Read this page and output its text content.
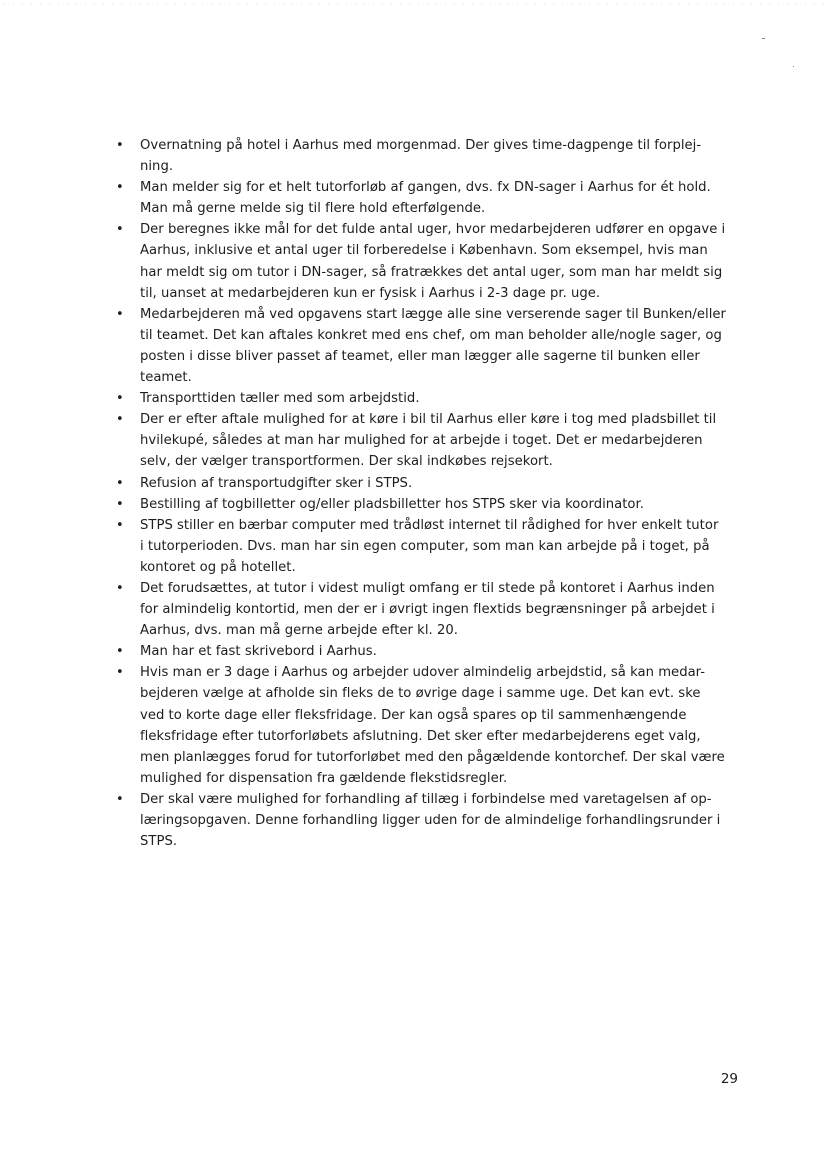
• Overnatning på hotel i Aarhus med morgenmad. Der gives time-dagpenge til forplej-
ning.
• Man melder sig for et helt tutorforløb af gangen, dvs. fx DN-sager i Aarhus for ét hold.
Man må gerne melde sig til flere hold efterfølgende.
• Der beregnes ikke mål for det fulde antal uger, hvor medarbejderen udfører en opgave i
Aarhus, inklusive et antal uger til forberedelse i København. Som eksempel, hvis man
har meldt sig om tutor i DN-sager, så fratrækkes det antal uger, som man har meldt sig
til, uanset at medarbejderen kun er fysisk i Aarhus i 2-3 dage pr. uge.
• Medarbejderen må ved opgavens start lægge alle sine verserende sager til Bunken/eller
til teamet. Det kan aftales konkret med ens chef, om man beholder alle/nogle sager, og
posten i disse bliver passet af teamet, eller man lægger alle sagerne til bunken eller
teamet.
• Transporttiden tæller med som arbejdstid.
• Der er efter aftale mulighed for at køre i bil til Aarhus eller køre i tog med pladsbillet til
hvilekupé, således at man har mulighed for at arbejde i toget. Det er medarbejderen
selv, der vælger transportformen. Der skal indkøbes rejsekort.
• Refusion af transportudgifter sker i STPS.
• Bestilling af togbilletter og/eller pladsbilletter hos STPS sker via koordinator.
• STPS stiller en bærbar computer med trådløst internet til rådighed for hver enkelt tutor
i tutorperioden. Dvs. man har sin egen computer, som man kan arbejde på i toget, på
kontoret og på hotellet.
• Det forudsættes, at tutor i videst muligt omfang er til stede på kontoret i Aarhus inden
for almindelig kontortid, men der er i øvrigt ingen flextids begrænsninger på arbejdet i
Aarhus, dvs. man må gerne arbejde efter kl. 20.
• Man har et fast skrivebord i Aarhus.
• Hvis man er 3 dage i Aarhus og arbejder udover almindelig arbejdstid, så kan medar-
bejderen vælge at afholde sin fleks de to øvrige dage i samme uge. Det kan evt. ske
ved to korte dage eller fleksfridage. Der kan også spares op til sammenhængende
fleksfridage efter tutorforløbets afslutning. Det sker efter medarbejderens eget valg,
men planlægges forud for tutorforløbet med den pågældende kontorchef. Der skal være
mulighed for dispensation fra gældende flekstidsregler.
• Der skal være mulighed for forhandling af tillæg i forbindelse med varetagelsen af op-
læringsopgaven. Denne forhandling ligger uden for de almindelige forhandlingsrunder i
STPS.
29
